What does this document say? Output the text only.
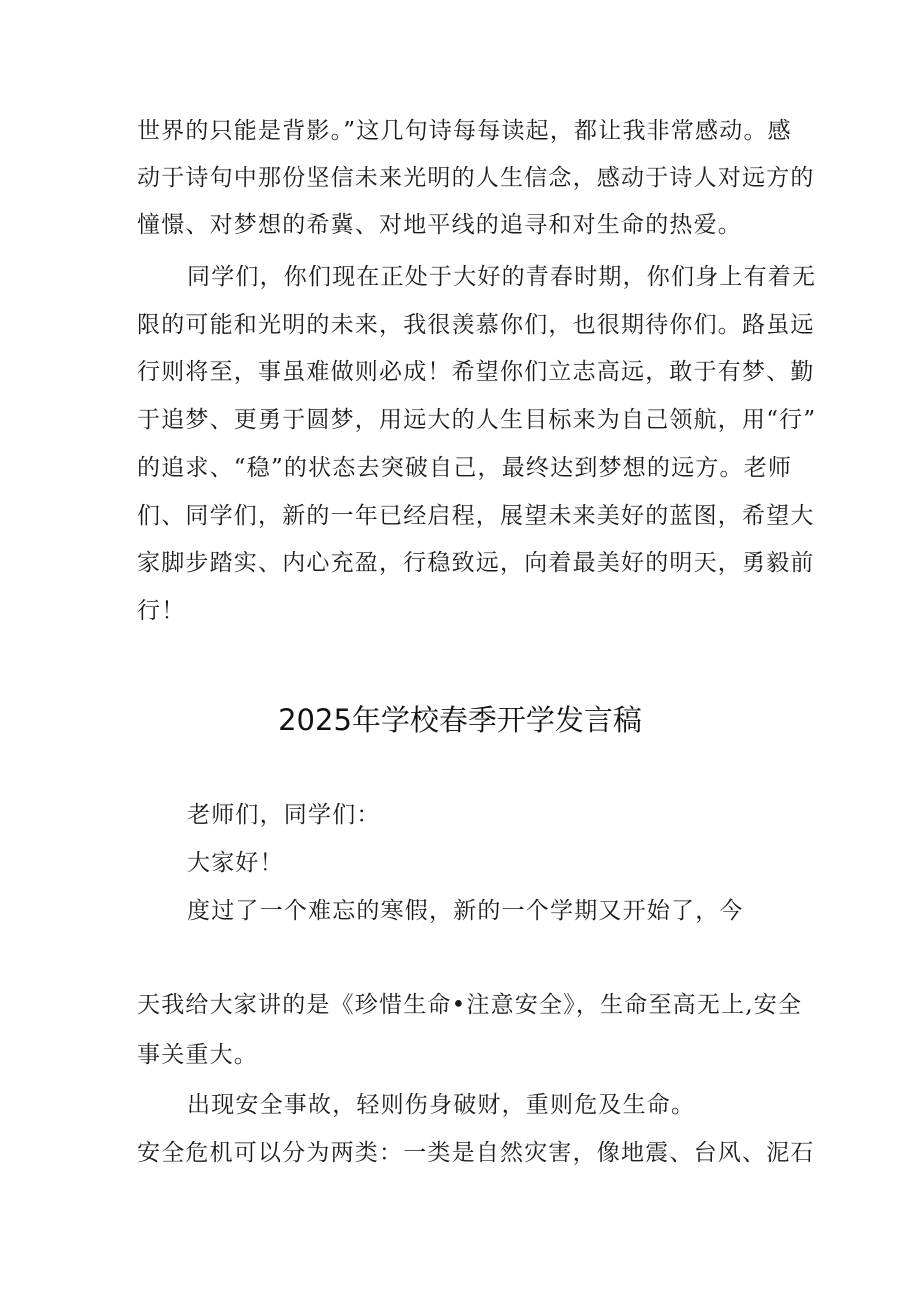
世界的只能是背影。”这几句诗每每读起，都让我非常感动。感
动于诗句中那份坚信未来光明的人生信念，感动于诗人对远方的
憧憬、对梦想的希冀、对地平线的追寻和对生命的热爱。
同学们，你们现在正处于大好的青春时期，你们身上有着无
限的可能和光明的未来，我很羡慕你们，也很期待你们。路虽远
行则将至，事虽难做则必成！希望你们立志高远，敢于有梦、勤
于追梦、更勇于圆梦，用远大的人生目标来为自己领航，用“行”
的追求、“稳”的状态去突破自己，最终达到梦想的远方。老师
们、同学们，新的一年已经启程，展望未来美好的蓝图，希望大
家脚步踏实、内心充盈，行稳致远，向着最美好的明天，勇毅前
行！
2025年学校春季开学发言稿
老师们，同学们：
大家好！
度过了一个难忘的寒假，新的一个学期又开始了，今
天我给大家讲的是《珍惜生命•注意安全》，生命至高无上,安全
事关重大。
出现安全事故，轻则伤身破财，重则危及生命。
安全危机可以分为两类：一类是自然灾害，像地震、台风、泥石
